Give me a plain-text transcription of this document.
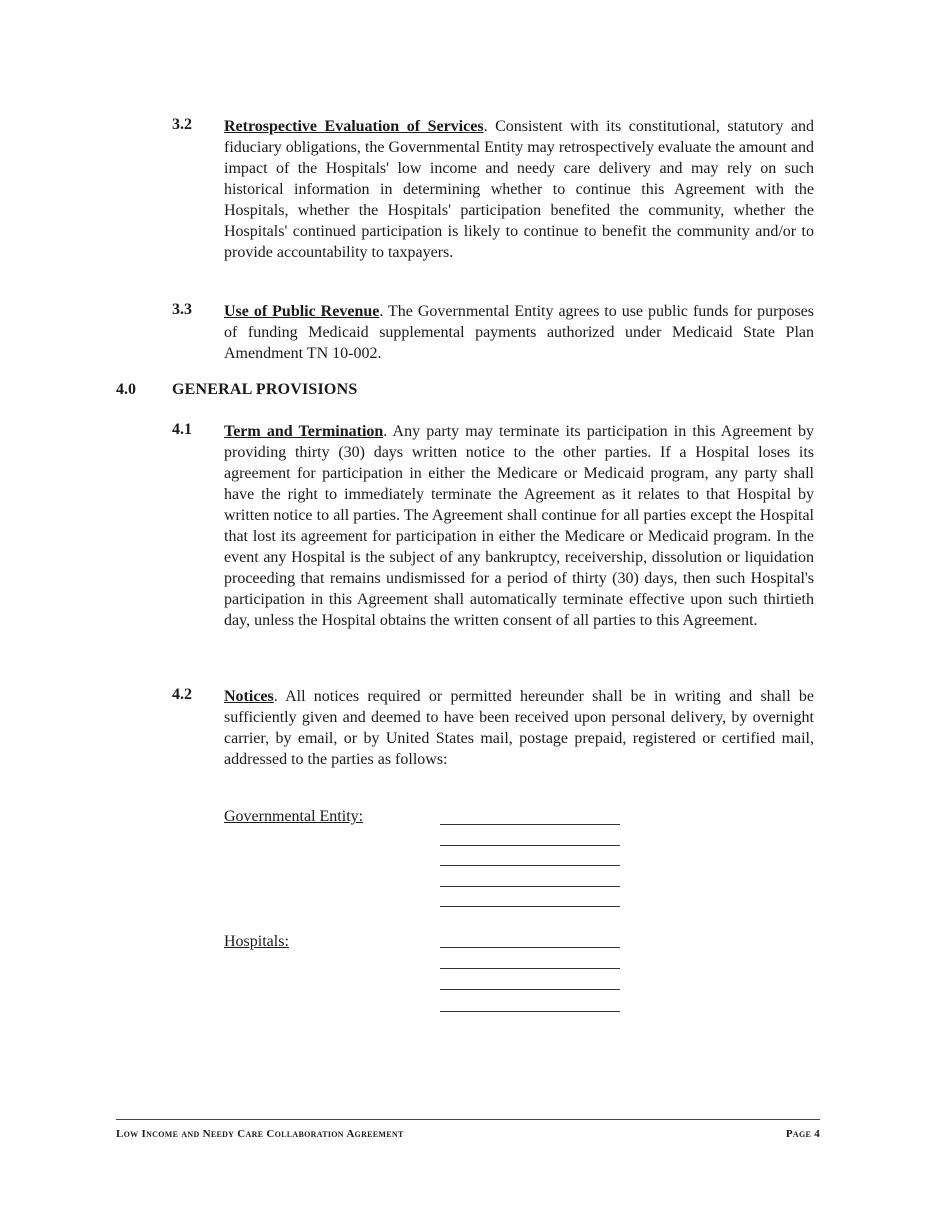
3.2 Retrospective Evaluation of Services. Consistent with its constitutional, statutory and fiduciary obligations, the Governmental Entity may retrospectively evaluate the amount and impact of the Hospitals' low income and needy care delivery and may rely on such historical information in determining whether to continue this Agreement with the Hospitals, whether the Hospitals' participation benefited the community, whether the Hospitals' continued participation is likely to continue to benefit the community and/or to provide accountability to taxpayers.
3.3 Use of Public Revenue. The Governmental Entity agrees to use public funds for purposes of funding Medicaid supplemental payments authorized under Medicaid State Plan Amendment TN 10-002.
4.0 GENERAL PROVISIONS
4.1 Term and Termination. Any party may terminate its participation in this Agreement by providing thirty (30) days written notice to the other parties. If a Hospital loses its agreement for participation in either the Medicare or Medicaid program, any party shall have the right to immediately terminate the Agreement as it relates to that Hospital by written notice to all parties. The Agreement shall continue for all parties except the Hospital that lost its agreement for participation in either the Medicare or Medicaid program. In the event any Hospital is the subject of any bankruptcy, receivership, dissolution or liquidation proceeding that remains undismissed for a period of thirty (30) days, then such Hospital's participation in this Agreement shall automatically terminate effective upon such thirtieth day, unless the Hospital obtains the written consent of all parties to this Agreement.
4.2 Notices. All notices required or permitted hereunder shall be in writing and shall be sufficiently given and deemed to have been received upon personal delivery, by overnight carrier, by email, or by United States mail, postage prepaid, registered or certified mail, addressed to the parties as follows:
Governmental Entity:
Hospitals:
Low Income and Needy Care Collaboration Agreement	Page 4
